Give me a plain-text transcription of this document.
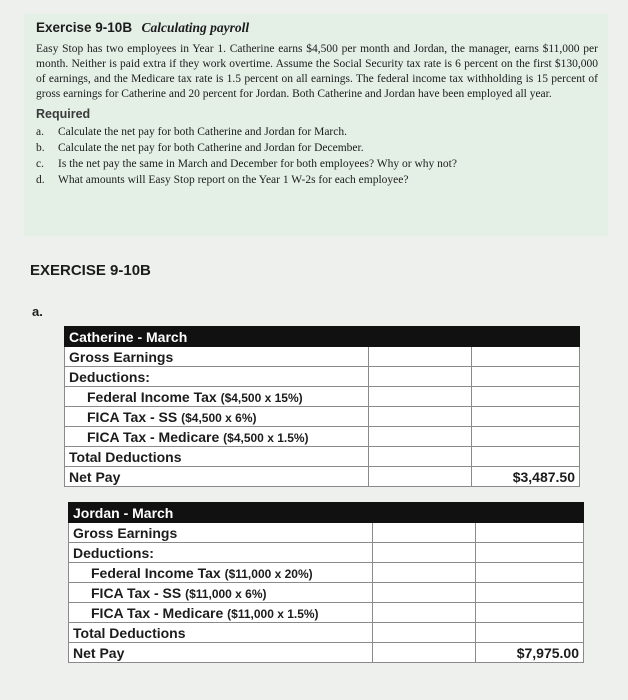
Exercise 9-10B Calculating payroll
Easy Stop has two employees in Year 1. Catherine earns $4,500 per month and Jordan, the manager, earns $11,000 per month. Neither is paid extra if they work overtime. Assume the Social Security tax rate is 6 percent on the first $130,000 of earnings, and the Medicare tax rate is 1.5 percent on all earnings. The federal income tax withholding is 15 percent of gross earnings for Catherine and 20 percent for Jordan. Both Catherine and Jordan have been employed all year.
Required
a.	Calculate the net pay for both Catherine and Jordan for March.
b.	Calculate the net pay for both Catherine and Jordan for December.
c.	Is the net pay the same in March and December for both employees? Why or why not?
d.	What amounts will Easy Stop report on the Year 1 W-2s for each employee?
EXERCISE 9-10B
a.
Catherine - March		
Gross Earnings		
Deductions:		
Federal Income Tax ($4,500 x 15%)		
FICA Tax - SS ($4,500 x 6%)		
FICA Tax - Medicare ($4,500 x 1.5%)		
Total Deductions		
Net Pay		$3,487.50
Jordan - March		
Gross Earnings		
Deductions:		
Federal Income Tax ($11,000 x 20%)		
FICA Tax - SS ($11,000 x 6%)		
FICA Tax - Medicare ($11,000 x 1.5%)		
Total Deductions		
Net Pay		$7,975.00
